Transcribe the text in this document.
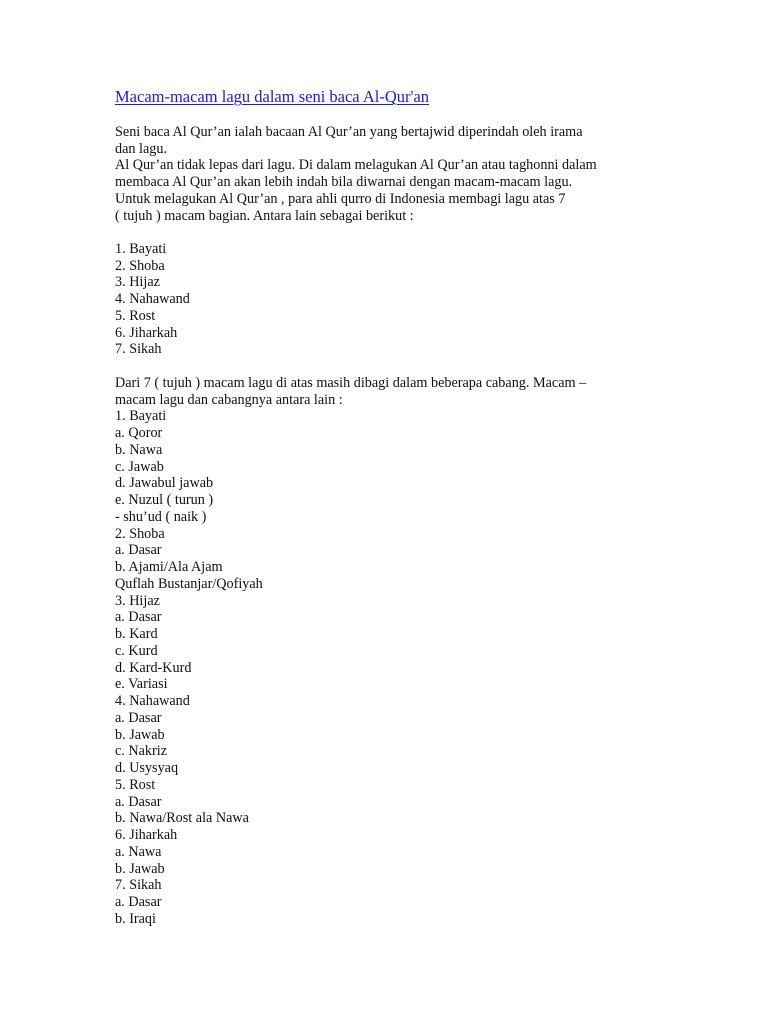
Macam-macam lagu dalam seni baca Al-Qur'an
Seni baca Al Qur’an ialah bacaan Al Qur’an yang bertajwid diperindah oleh irama
dan lagu.
Al Qur’an tidak lepas dari lagu. Di dalam melagukan Al Qur’an atau taghonni dalam
membaca Al Qur’an akan lebih indah bila diwarnai dengan macam-macam lagu.
Untuk melagukan Al Qur’an , para ahli qurro di Indonesia membagi lagu atas 7
( tujuh ) macam bagian. Antara lain sebagai berikut :
1. Bayati
2. Shoba
3. Hijaz
4. Nahawand
5. Rost
6. Jiharkah
7. Sikah
Dari 7 ( tujuh ) macam lagu di atas masih dibagi dalam beberapa cabang. Macam –
macam lagu dan cabangnya antara lain :
1. Bayati
a. Qoror
b. Nawa
c. Jawab
d. Jawabul jawab
e. Nuzul ( turun )
- shu’ud ( naik )
2. Shoba
a. Dasar
b. Ajami/Ala Ajam
Quflah Bustanjar/Qofiyah
3. Hijaz
a. Dasar
b. Kard
c. Kurd
d. Kard-Kurd
e. Variasi
4. Nahawand
a. Dasar
b. Jawab
c. Nakriz
d. Usysyaq
5. Rost
a. Dasar
b. Nawa/Rost ala Nawa
6. Jiharkah
a. Nawa
b. Jawab
7. Sikah
a. Dasar
b. Iraqi
